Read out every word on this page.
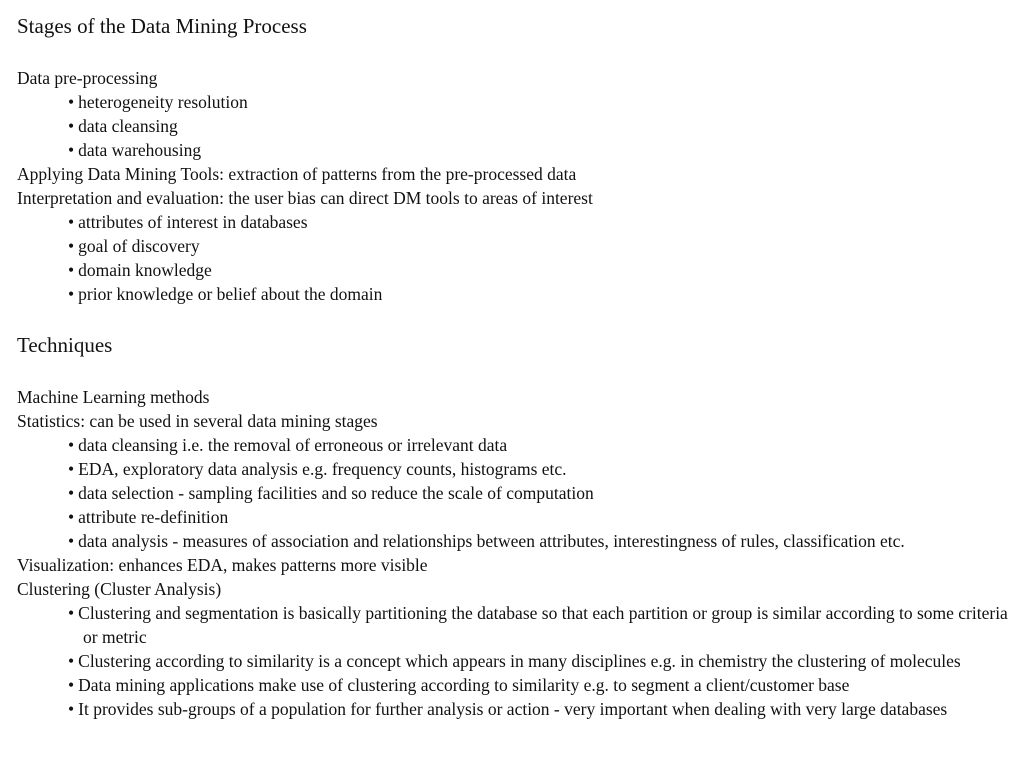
Stages of the Data Mining Process
Data pre-processing
• heterogeneity resolution
• data cleansing
• data warehousing
Applying Data Mining Tools: extraction of patterns from the pre-processed data
Interpretation and evaluation: the user bias can direct DM tools to areas of interest
• attributes of interest in databases
• goal of discovery
• domain knowledge
• prior knowledge or belief about the domain
Techniques
Machine Learning methods
Statistics: can be used in several data mining stages
• data cleansing i.e. the removal of erroneous or irrelevant data
• EDA, exploratory data analysis e.g. frequency counts, histograms etc.
• data selection - sampling facilities and so reduce the scale of computation
• attribute re-definition
• data analysis - measures of association and relationships between attributes, interestingness of rules, classification etc.
Visualization: enhances EDA, makes patterns more visible
Clustering (Cluster Analysis)
• Clustering and segmentation is basically partitioning the database so that each partition or group is similar according to some criteria or metric
• Clustering according to similarity is a concept which appears in many disciplines e.g. in chemistry the clustering of molecules
• Data mining applications make use of clustering according to similarity e.g. to segment a client/customer base
• It provides sub-groups of a population for further analysis or action - very important when dealing with very large databases
